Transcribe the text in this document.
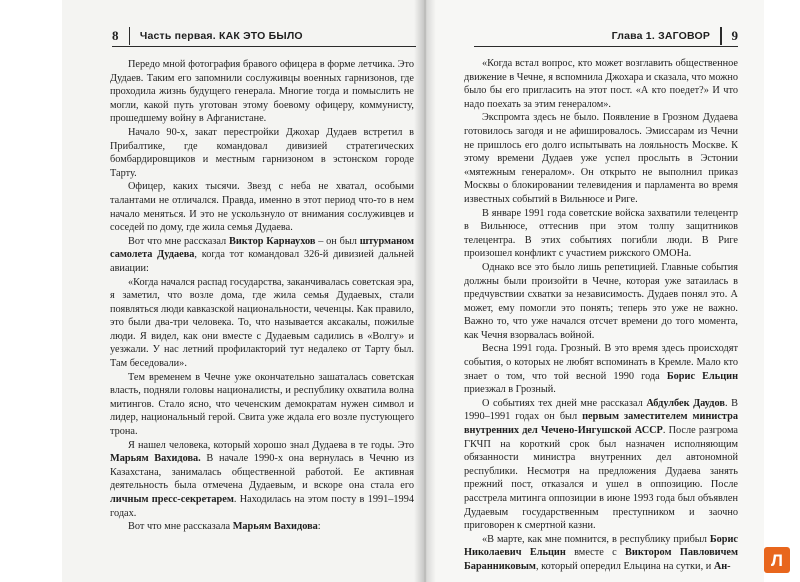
8 Часть первая. КАК ЭТО БЫЛО

Передо мной фотография бравого офицера в форме летчика. Это Дудаев. Таким его запомнили сослуживцы военных гарнизонов, где проходила жизнь будущего генерала. Многие тогда и помыслить не могли, какой путь уготован этому боевому офицеру, коммунисту, прошедшему войну в Афганистане.

Начало 90-х, закат перестройки Джохар Дудаев встретил в Прибалтике, где командовал дивизией стратегических бомбардировщиков и местным гарнизоном в эстонском городе Тарту.

Офицер, каких тысячи. Звезд с неба не хватал, особыми талантами не отличался. Правда, именно в этот период что-то в нем начало меняться. И это не ускользнуло от внимания сослуживцев и соседей по дому, где жила семья Дудаева.

Вот что мне рассказал Виктор Карнаухов – он был штурманом самолета Дудаева, когда тот командовал 326-й дивизией дальней авиации:

«Когда начался распад государства, заканчивалась советская эра, я заметил, что возле дома, где жила семья Дудаевых, стали появляться люди кавказской национальности, чеченцы. Как правило, это были два-три человека. То, что называется аксакалы, пожилые люди. Я видел, как они вместе с Дудаевым садились в «Волгу» и уезжали. У нас летний профилакторий тут недалеко от Тарту был. Там беседовали».

Тем временем в Чечне уже окончательно зашаталась советская власть, подняли головы националисты, и республику охватила волна митингов. Стало ясно, что чеченским демократам нужен символ и лидер, национальный герой. Свита уже ждала его возле пустующего трона.

Я нашел человека, который хорошо знал Дудаева в те годы. Это Марьям Вахидова. В начале 1990-х она вернулась в Чечню из Казахстана, занималась общественной работой. Ее активная деятельность была отмечена Дудаевым, и вскоре она стала его личным пресс-секретарем. Находилась на этом посту в 1991–1994 годах.

Вот что мне рассказала Марьям Вахидова:

Глава 1. ЗАГОВОР 9

«Когда встал вопрос, кто может возглавить общественное движение в Чечне, я вспомнила Джохара и сказала, что можно было бы его пригласить на этот пост. «А кто поедет?» И что надо поехать за этим генералом».

Экспромта здесь не было. Появление в Грозном Дудаева готовилось загодя и не афишировалось. Эмиссарам из Чечни не пришлось его долго испытывать на лояльность Москве. К этому времени Дудаев уже успел прослыть в Эстонии «мятежным генералом». Он открыто не выполнил приказ Москвы о блокировании телевидения и парламента во время известных событий в Вильнюсе и Риге.

В январе 1991 года советские войска захватили телецентр в Вильнюсе, оттеснив при этом толпу защитников телецентра. В этих событиях погибли люди. В Риге произошел конфликт с участием рижского ОМОНа.

Однако все это было лишь репетицией. Главные события должны были произойти в Чечне, которая уже затаилась в предчувствии схватки за независимость. Дудаев понял это. А может, ему помогли это понять; теперь это уже не важно. Важно то, что уже начался отсчет времени до того момента, как Чечня взорвалась войной.

Весна 1991 года. Грозный. В это время здесь происходят события, о которых не любят вспоминать в Кремле. Мало кто знает о том, что той весной 1990 года Борис Ельцин приезжал в Грозный.

О событиях тех дней мне рассказал Абдулбек Даудов. В 1990–1991 годах он был первым заместителем министра внутренних дел Чечено-Ингушской АССР. После разгрома ГКЧП на короткий срок был назначен исполняющим обязанности министра внутренних дел автономной республики. Несмотря на предложения Дудаева занять прежний пост, отказался и ушел в оппозицию. После расстрела митинга оппозиции в июне 1993 года был объявлен Дудаевым государственным преступником и заочно приговорен к смертной казни.

«В марте, как мне помнится, в республику прибыл Борис Николаевич Ельцин вместе с Виктором Павловичем Баранниковым, который опередил Ельцина на сутки, и Ан-	Л
